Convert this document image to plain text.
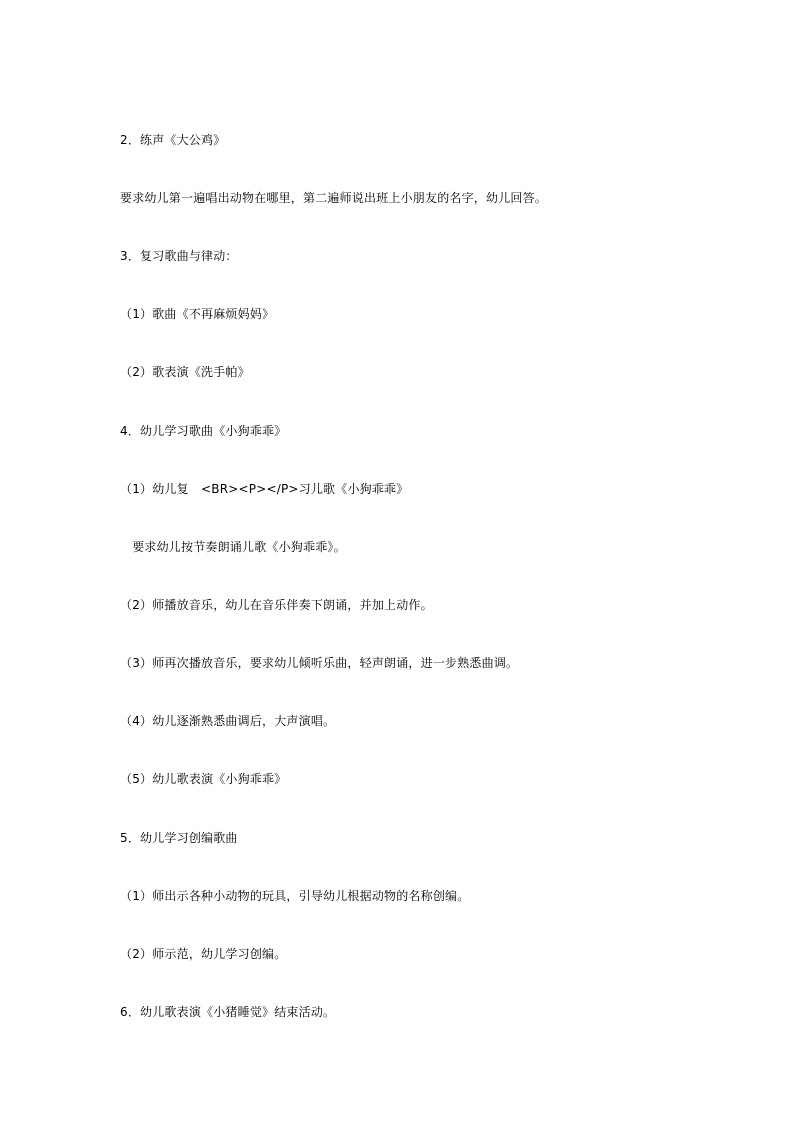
2．练声《大公鸡》
要求幼儿第一遍唱出动物在哪里，第二遍师说出班上小朋友的名字，幼儿回答。
3．复习歌曲与律动：
（1）歌曲《不再麻烦妈妈》
（2）歌表演《洗手帕》
4．幼儿学习歌曲《小狗乖乖》
（1）幼儿复　<BR><P></P>习儿歌《小狗乖乖》
　要求幼儿按节奏朗诵儿歌《小狗乖乖》。
（2）师播放音乐，幼儿在音乐伴奏下朗诵，并加上动作。
（3）师再次播放音乐，要求幼儿倾听乐曲，轻声朗诵，进一步熟悉曲调。
（4）幼儿逐渐熟悉曲调后，大声演唱。
（5）幼儿歌表演《小狗乖乖》
5．幼儿学习创编歌曲
（1）师出示各种小动物的玩具，引导幼儿根据动物的名称创编。
（2）师示范，幼儿学习创编。
6．幼儿歌表演《小猪睡觉》结束活动。
